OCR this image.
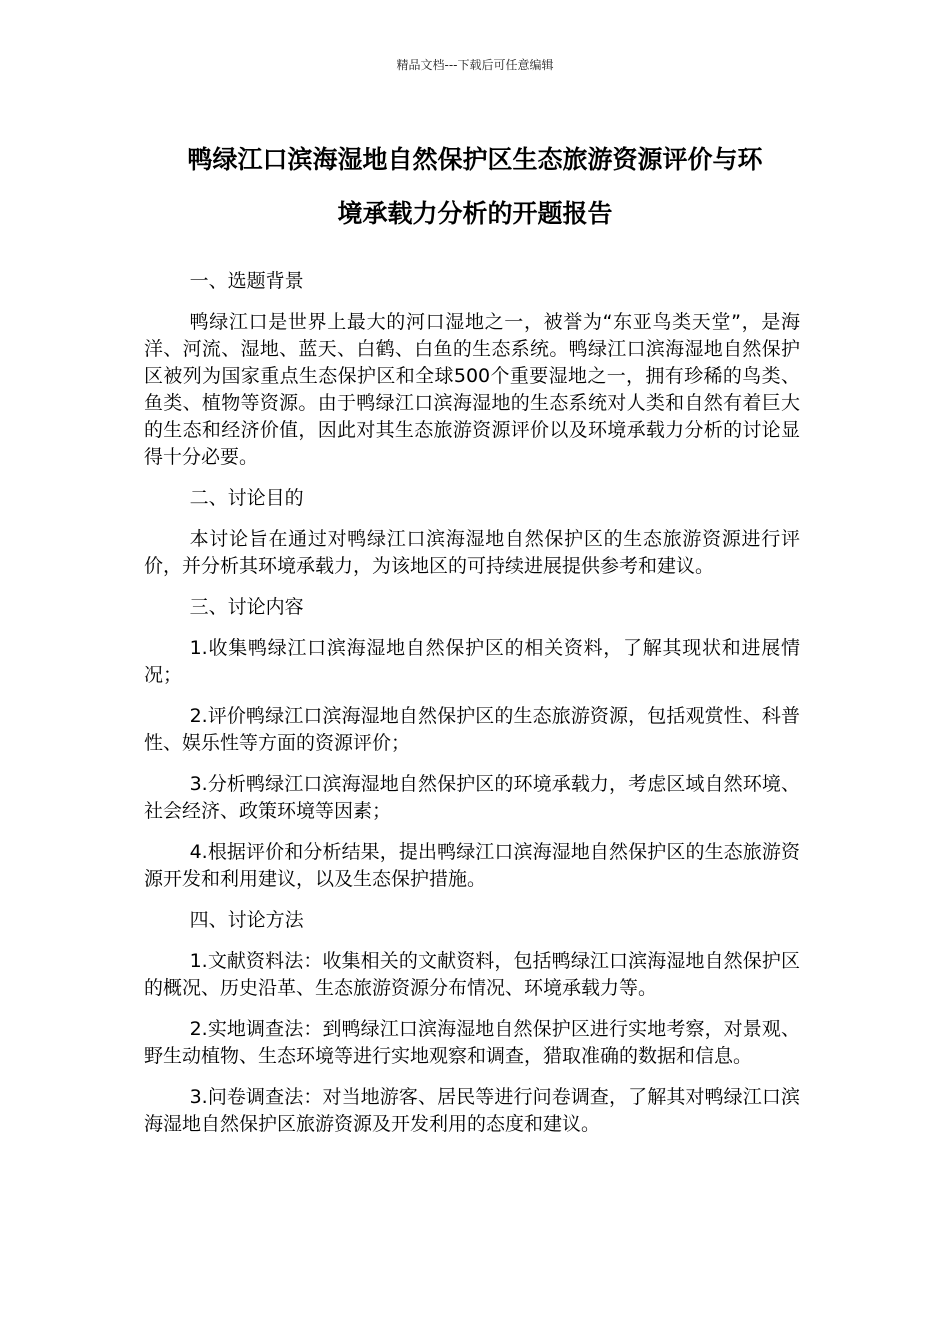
精品文档---下载后可任意编辑
鸭绿江口滨海湿地自然保护区生态旅游资源评价与环
境承载力分析的开题报告

一、选题背景

鸭绿江口是世界上最大的河口湿地之一，被誉为“东亚鸟类天堂”，是海洋、河流、湿地、蓝天、白鹤、白鱼的生态系统。鸭绿江口滨海湿地自然保护区被列为国家重点生态保护区和全球500个重要湿地之一，拥有珍稀的鸟类、鱼类、植物等资源。由于鸭绿江口滨海湿地的生态系统对人类和自然有着巨大的生态和经济价值，因此对其生态旅游资源评价以及环境承载力分析的讨论显得十分必要。

二、讨论目的

本讨论旨在通过对鸭绿江口滨海湿地自然保护区的生态旅游资源进行评价，并分析其环境承载力，为该地区的可持续进展提供参考和建议。

三、讨论内容

1.收集鸭绿江口滨海湿地自然保护区的相关资料，了解其现状和进展情况；

2.评价鸭绿江口滨海湿地自然保护区的生态旅游资源，包括观赏性、科普性、娱乐性等方面的资源评价；

3.分析鸭绿江口滨海湿地自然保护区的环境承载力，考虑区域自然环境、社会经济、政策环境等因素；

4.根据评价和分析结果，提出鸭绿江口滨海湿地自然保护区的生态旅游资源开发和利用建议，以及生态保护措施。

四、讨论方法

1.文献资料法：收集相关的文献资料，包括鸭绿江口滨海湿地自然保护区的概况、历史沿革、生态旅游资源分布情况、环境承载力等。

2.实地调查法：到鸭绿江口滨海湿地自然保护区进行实地考察，对景观、野生动植物、生态环境等进行实地观察和调查，猎取准确的数据和信息。

3.问卷调查法：对当地游客、居民等进行问卷调查，了解其对鸭绿江口滨海湿地自然保护区旅游资源及开发利用的态度和建议。
